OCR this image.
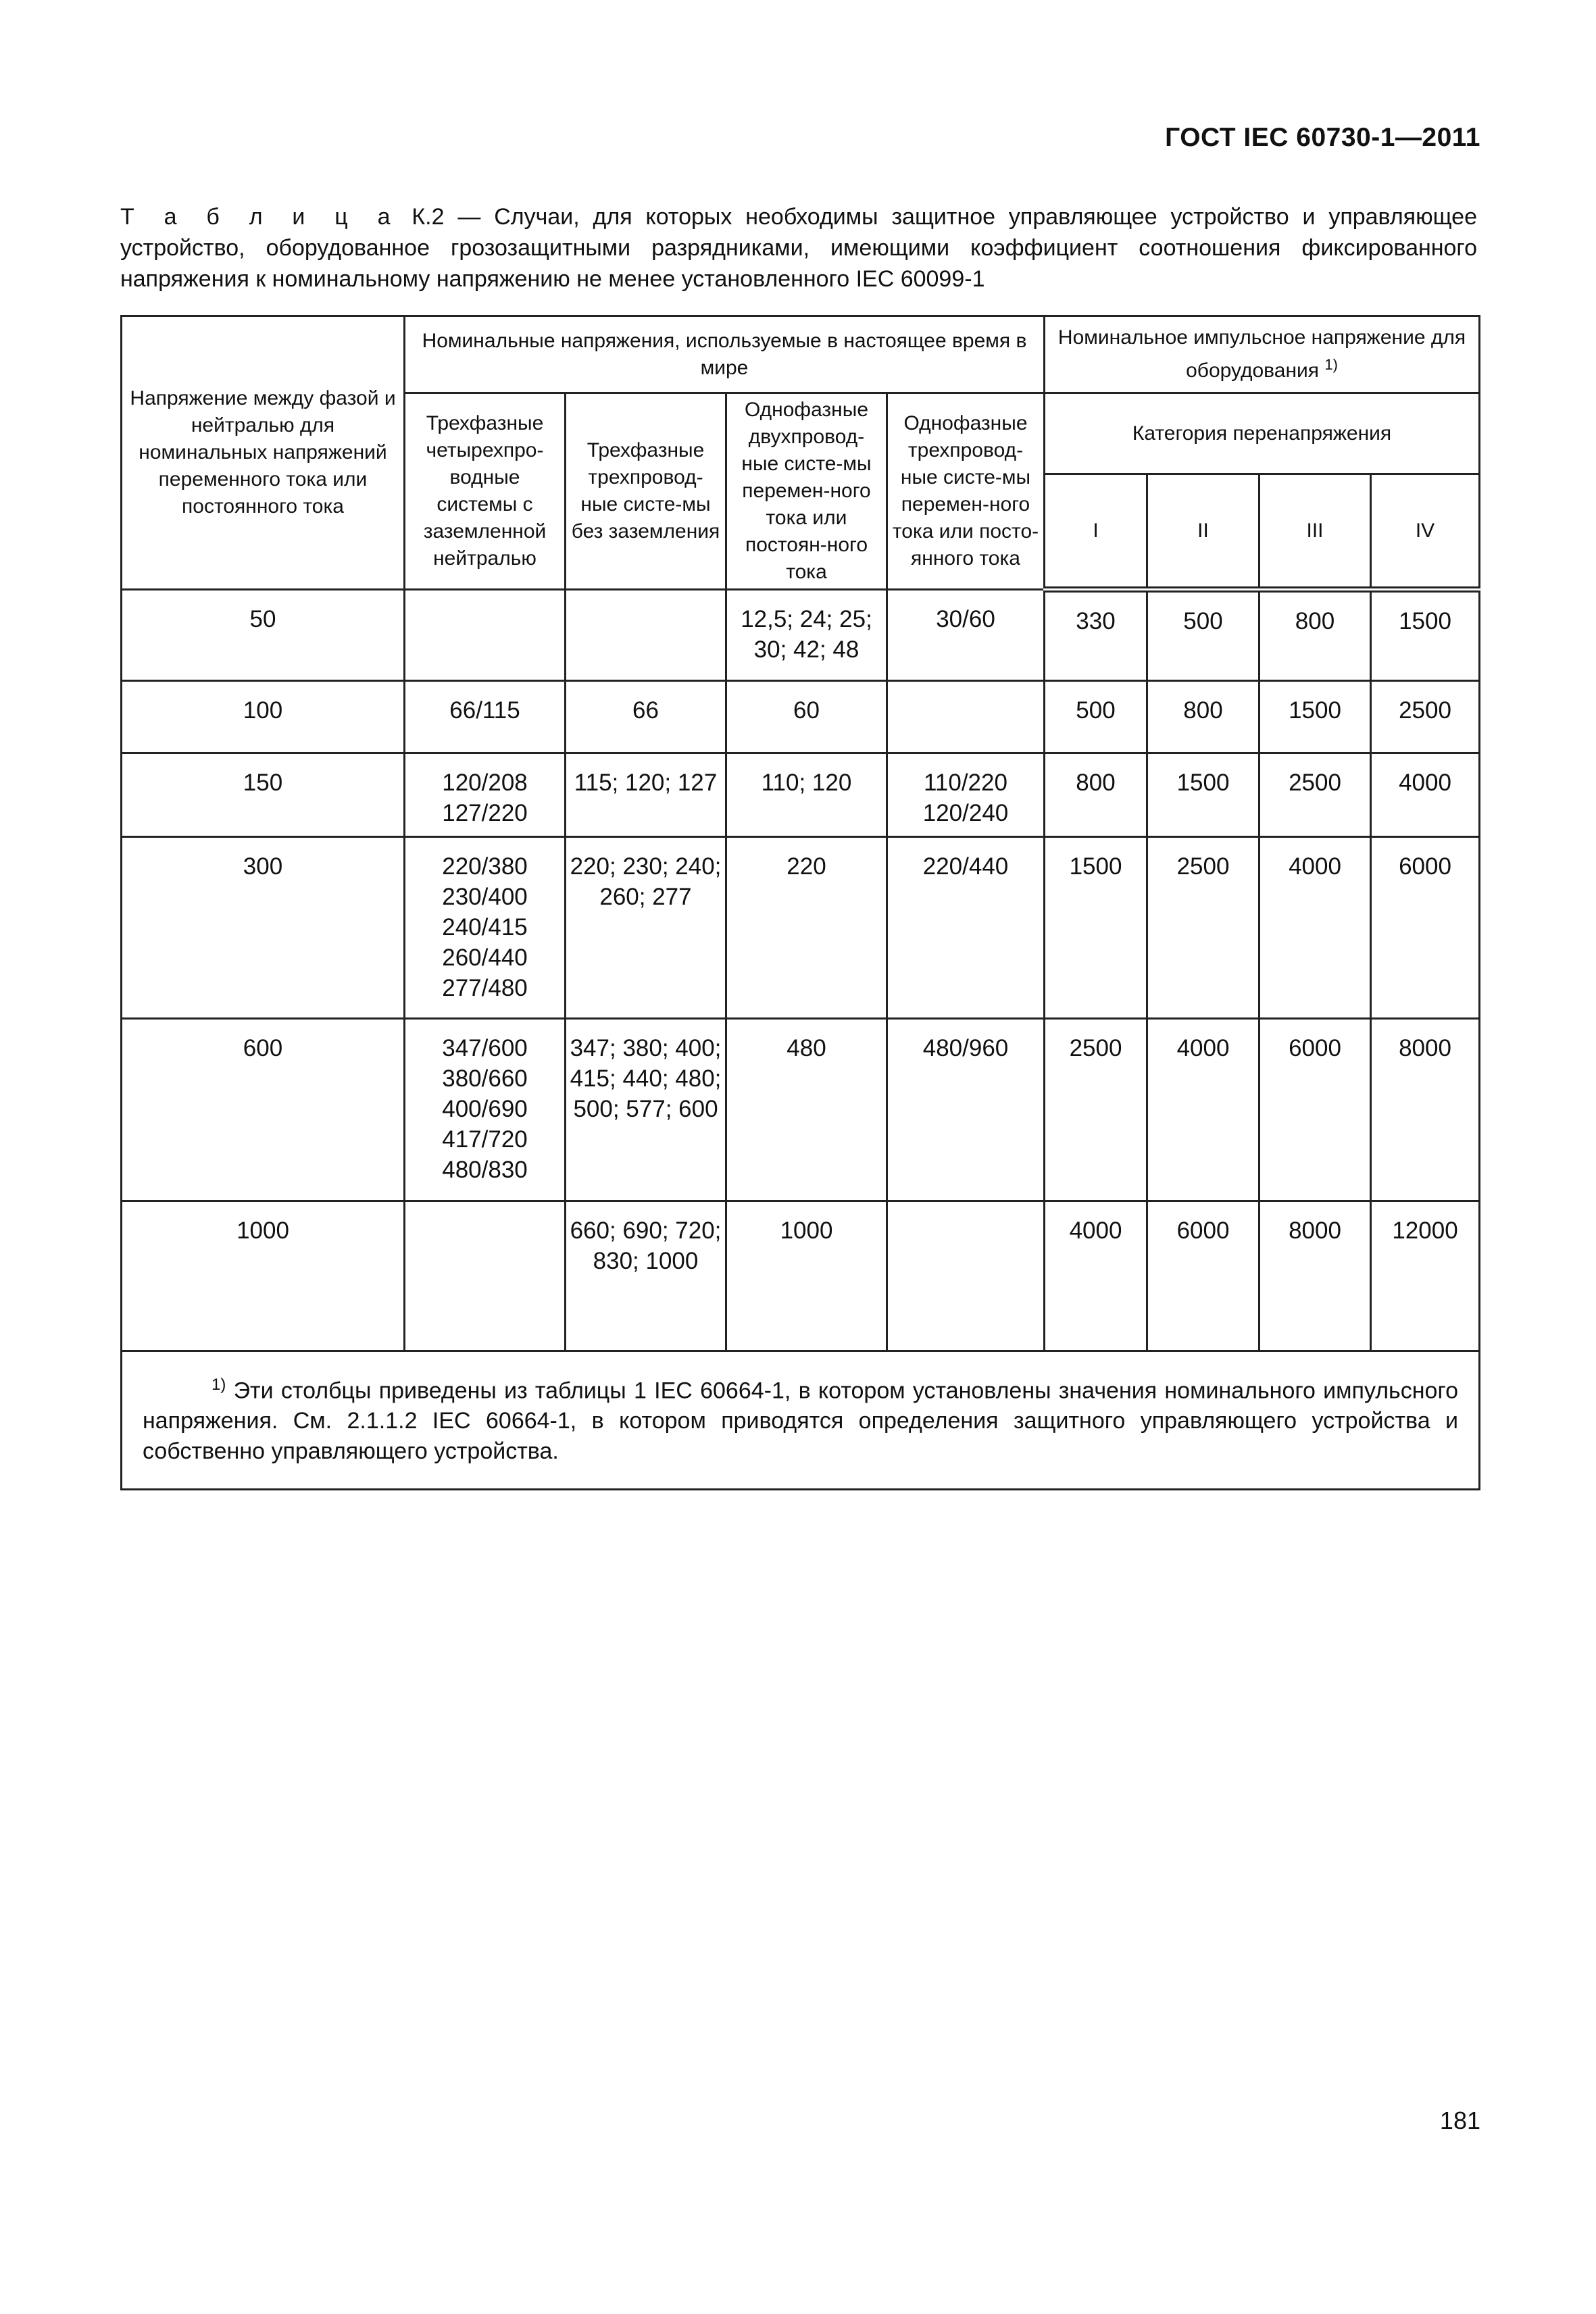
ГОСТ IEC 60730-1—2011
Т а б л и ц а К.2 — Случаи, для которых необходимы защитное управляющее устройство и управляющее устройство, оборудованное грозозащитными разрядниками, имеющими коэффициент соотношения фиксированного напряжения к номинальному напряжению не менее установленного IEC 60099-1
Напряжение между фазой и нейтралью для номинальных напряжений переменного тока или постоянного тока	Номинальные напряжения, используемые в настоящее время в мире				Номинальное импульсное напряжение для оборудования $^{1)}$
	Трехфазные четырехпро-водные системы с заземленной нейтралью	Трехфазные трехпровод-ные систе-мы без заземления	Однофазные двухпровод-ные систе-мы перемен-ного тока или постоян-ного тока	Однофазные трехпровод-ные систе-мы перемен-ного тока или посто-янного тока	Категория перенапряжения			
					I	II	III	IV
50			12,5; 24; 25; 30; 42; 48	30/60	330	500	800	1500
100	66/115	66	60		500	800	1500	2500
150	120/208 127/220	115; 120; 127	110; 120	110/220 120/240	800	1500	2500	4000
300	220/380 230/400 240/415 260/440 277/480	220; 230; 240; 260; 277	220	220/440	1500	2500	4000	6000
600	347/600 380/660 400/690 417/720 480/830	347; 380; 400; 415; 440; 480; 500; 577; 600	480	480/960	2500	4000	6000	8000
1000		660; 690; 720; 830; 1000	1000		4000	6000	8000	12000
$^{1)}$ Эти столбцы приведены из таблицы 1 IEC 60664-1, в котором установлены значения номинального импульсного напряжения. См. 2.1.1.2 IEC 60664-1, в котором приводятся определения защитного управляющего устройства и собственно управляющего устройства.								
181
